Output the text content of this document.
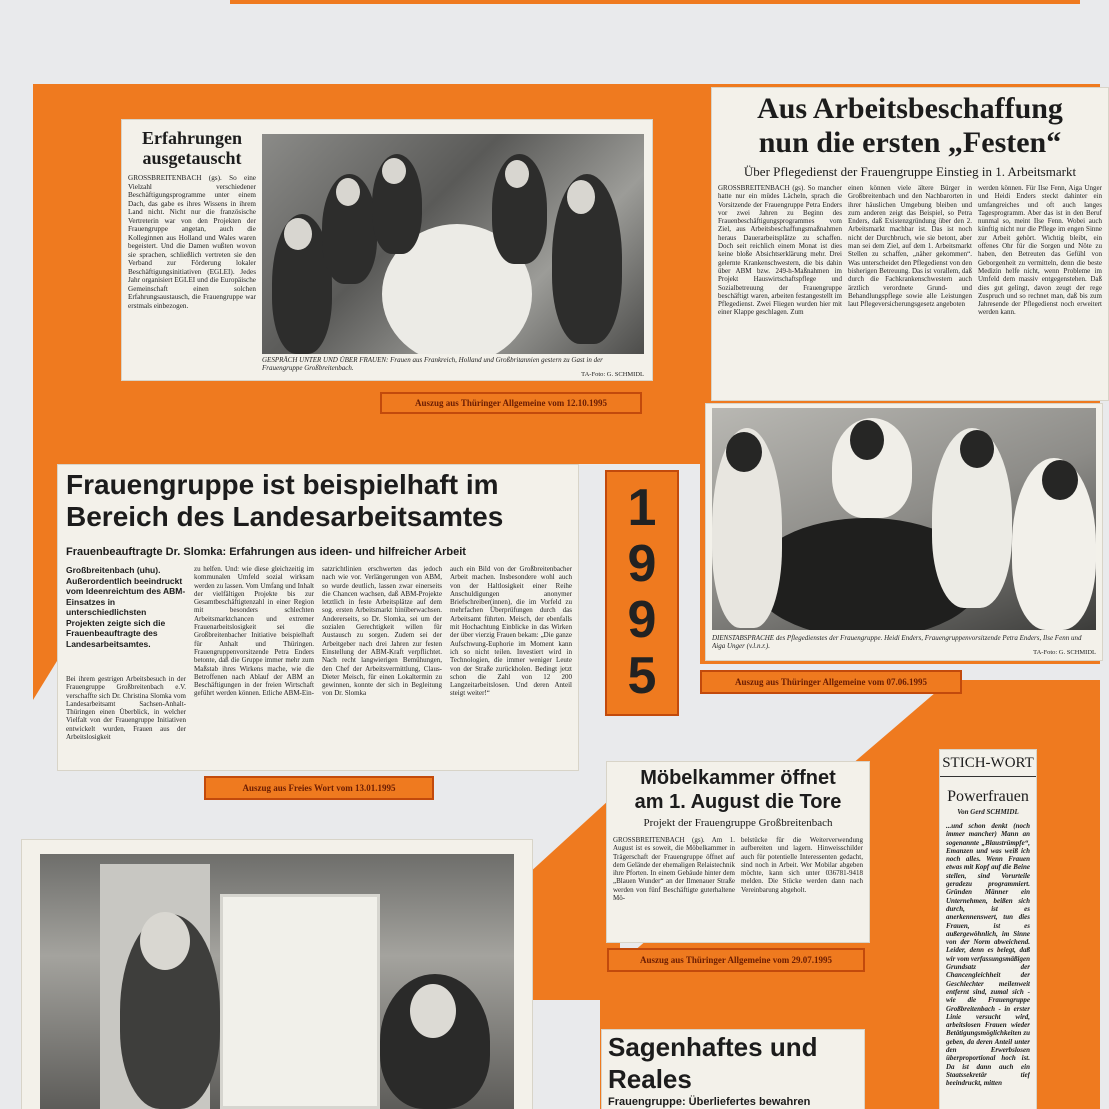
Erfahrungen ausgetauscht
GROSSBREITENBACH (gs). So eine Vielzahl verschiedener Beschäftigungsprogramme unter einem Dach, das gabe es ihres Wissens in ihrem Land nicht. Nicht nur die französische Vertreterin war von den Projekten der Frauengruppe angetan, auch die Kolleginnen aus Holland und Wales waren begeistert. Und die Damen wußten wovon sie sprachen, schließlich vertreten sie den Verband zur Förderung lokaler Beschäftigungsinitiativen (EGLEI). Jedes Jahr organisiert EGLEI und die Europäische Gemeinschaft einen solchen Erfahrungsaustausch, die Frauengruppe war erstmals einbezogen.
GESPRÄCH UNTER UND ÜBER FRAUEN: Frauen aus Frankreich, Holland und Großbritannien gestern zu Gast in der Frauengruppe Großbreitenbach.
TA-Foto: G. SCHMIDL
Auszug aus Thüringer Allgemeine vom 12.10.1995
Aus Arbeitsbeschaffung
nun die ersten „Festen“
Über Pflegedienst der Frauengruppe Einstieg in 1. Arbeitsmarkt
GROSSBREITENBACH (gs). So mancher hatte nur ein müdes Lächeln, sprach die Vorsitzende der Frauengruppe Petra Enders vor zwei Jahren zu Beginn des Frauenbeschäftigungsprogrammes vom Ziel, aus Arbeitsbeschaffungsmaßnahmen heraus Dauerarbeitsplätze zu schaffen. Doch seit reichlich einem Monat ist dies keine bloße Absichtserklärung mehr. Drei gelernte Krankenschwestern, die bis dahin über ABM bzw. 249-h-Maßnahmen im Projekt Hauswirtschaftspflege und Sozialbetreuung der Frauengruppe beschäftigt waren, arbeiten festangestellt im Pflegedienst. Zwei Fliegen wurden hier mit einer Klappe geschlagen. Zum
einen können viele ältere Bürger in Großbreitenbach und den Nachbarorten in ihrer häuslichen Umgebung bleiben und zum anderen zeigt das Beispiel, so Petra Enders, daß Existenzgründung über den 2. Arbeitsmarkt machbar ist. Das ist noch nicht der Durchbruch, wie sie betont, aber man sei dem Ziel, auf dem 1. Arbeitsmarkt Stellen zu schaffen, „näher gekommen“. Was unterscheidet den Pflegedienst von den bisherigen Betreuung. Das ist vorallem, daß durch die Fachkrankenschwestern auch ärztlich verordnete Grund- und Behandlungspflege sowie alle Leistungen laut Pflegeversicherungsgesetz angeboten
werden können. Für Ilse Fenn, Aiga Unger und Heidi Enders steckt dahinter ein umfangreiches und oft auch langes Tagesprogramm. Aber das ist in den Beruf nunmal so, meint Ilse Fenn. Wobei auch künftig nicht nur die Pflege im engen Sinne zur Arbeit gehört. Wichtig bleibt, ein offenes Ohr für die Sorgen und Nöte zu haben, den Betreuten das Gefühl von Geborgenheit zu vermitteln, denn die beste Medizin helfe nicht, wenn Probleme im Umfeld dem massiv entgegenstehen. Daß dies gut gelingt, davon zeugt der rege Zuspruch und so rechnet man, daß bis zum Jahresende der Pflegedienst noch erweitert werden kann.
DIENSTABSPRACHE des Pflegedienstes der Frauengruppe. Heidi Enders, Frauengruppenvorsitzende Petra Enders, Ilse Fenn und Aiga Unger (v.l.n.r.).
TA-Foto: G. SCHMIDL
Auszug aus Thüringer Allgemeine vom 07.06.1995
Frauengruppe ist beispielhaft im
Bereich des Landesarbeitsamtes
Frauenbeauftragte Dr. Slomka: Erfahrungen aus ideen- und hilfreicher Arbeit
Großbreitenbach (uhu). Außerordentlich beeindruckt vom Ideenreichtum des ABM-Einsatzes in unterschiedlichsten Projekten zeigte sich die Frauenbeauftragte des Landesarbeitsamtes.
Bei ihrem gestrigen Arbeitsbesuch in der Frauengruppe Großbreitenbach e.V. verschaffte sich Dr. Christina Slomka vom Landesarbeitsamt Sachsen-Anhalt-Thüringen einen Überblick, in welcher Vielfalt von der Frauengruppe Initiativen entwickelt wurden, Frauen aus der Arbeitslosigkeit
zu helfen. Und: wie diese gleichzeitig im kommunalen Umfeld sozial wirksam werden zu lassen. Vom Umfang und Inhalt der vielfältigen Projekte bis zur Gesamtbeschäftigtenzahl in einer Region mit besonders schlechten Arbeitsmarktchancen und extremer Frauenarbeitslosigkeit sei die Großbreitenbacher Initiative beispielhaft für Anhalt und Thüringen. Frauengruppenvorsitzende Petra Enders betonte, daß die Gruppe immer mehr zum Maßstab ihres Wirkens mache, wie die Betroffenen nach Ablauf der ABM an Beschäftigungen in der freien Wirtschaft geführt werden können. Etliche ABM-Ein-
satzrichtlinien erschwerten das jedoch nach wie vor. Verlängerungen von ABM, so wurde deutlich, lassen zwar einerseits die Chancen wachsen, daß ABM-Projekte letztlich in feste Arbeitsplätze auf dem sog. ersten Arbeitsmarkt hinüberwachsen. Andererseits, so Dr. Slomka, sei um der sozialen Gerechtigkeit willen für Austausch zu sorgen. Zudem sei der Arbeitgeber nach drei Jahren zur festen Einstellung der ABM-Kraft verpflichtet. Nach recht langwierigen Bemühungen, den Chef der Arbeitsvermittlung, Claus-Dieter Meisch, für einen Lokaltermin zu gewinnen, konnte der sich in Begleitung von Dr. Slomka
auch ein Bild von der Großbreitenbacher Arbeit machen. Insbesondere wohl auch von der Haltlosigkeit einer Reihe Anschuldigungen anonymer Briefschreiber(innen), die im Vorfeld zu mehrfachen Überprüfungen durch das Arbeitsamt führten. Meisch, der ebenfalls mit Hochachtung Einblicke in das Wirken der über vierzig Frauen bekam: „Die ganze Aufschwung-Euphorie im Moment kann ich so nicht teilen. Investiert wird in Technologien, die immer weniger Leute von der Straße zurückholen. Bedingt jetzt schon die Zahl von 12 200 Langzeitarbeitslosen. Und deren Anteil steigt weiter!“
Auszug aus Freies Wort vom 13.01.1995
1
9
9
5
Möbelkammer öffnet
am 1. August die Tore
Projekt der Frauengruppe Großbreitenbach
GROSSBREITENBACH (gs). Am 1. August ist es soweit, die Möbelkammer in Trägerschaft der Frauengruppe öffnet auf dem Gelände der ehemaligen Relaistechnik ihre Pforten. In einem Gebäude hinter dem „Blauen Wunder“ an der Ilmenauer Straße werden von fünf Beschäftigte guterhaltene Mö-
belstücke für die Weiterverwendung aufbereiten und lagern. Hinweisschilder auch für potentielle Interessenten gedacht, sind noch in Arbeit. Wer Mobilar abgeben möchte, kann sich unter 036781-9418 melden. Die Stücke werden dann nach Vereinbarung abgeholt.
Auszug aus Thüringer Allgemeine vom 29.07.1995
STICH-WORT
Powerfrauen
Von Gerd SCHMIDL
...und schon denkt (noch immer mancher) Mann an sogenannte „Blaustrümpfe“, Emanzen und was weiß ich noch alles. Wenn Frauen etwas mit Kopf auf die Beine stellen, sind Vorurteile geradezu programmiert. Gründen Männer ein Unternehmen, beißen sich durch, ist es anerkennenswert, tun dies Frauen, ist es außergewöhnlich, im Sinne von der Norm abweichend. Leider, denn es belegt, daß wir vom verfassungsmäßigen Grundsatz der Chancengleichheit der Geschlechter meilenweit entfernt sind, zumal sich - wie die Frauengruppe Großbreitenbach - in erster Linie versucht wird, arbeitslosen Frauen wieder Betätigungsmöglichkeiten zu geben, da deren Anteil unter den Erwerbslosen überproportional hoch ist. Da ist dann auch ein Staatssekretär tief beeindruckt, mitten
Sagenhaftes und
Reales
Frauengruppe: Überliefertes bewahren
